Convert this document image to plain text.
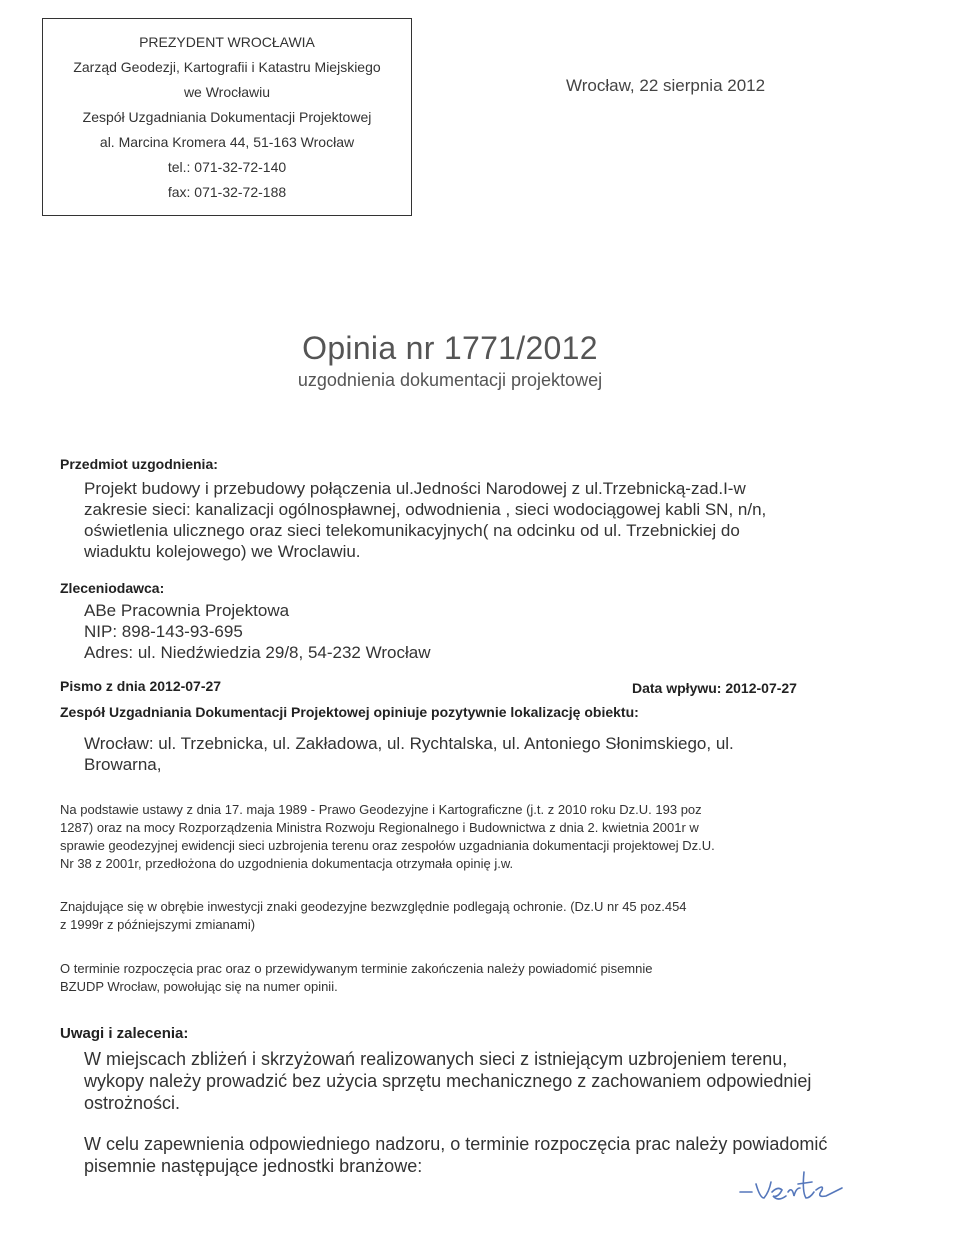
PREZYDENT WROCŁAWIA
Zarząd Geodezji, Kartografii i Katastru Miejskiego
we Wrocławiu
Zespół Uzgadniania Dokumentacji Projektowej
al. Marcina Kromera 44, 51-163 Wrocław
tel.: 071-32-72-140
fax: 071-32-72-188
Wrocław, 22 sierpnia 2012
Opinia nr 1771/2012
uzgodnienia dokumentacji projektowej
Przedmiot uzgodnienia:
Projekt budowy i przebudowy połączenia ul.Jedności Narodowej z ul.Trzebnicką-zad.I-w
zakresie sieci: kanalizacji ogólnospławnej, odwodnienia , sieci wodociągowej kabli SN, n/n,
oświetlenia ulicznego oraz sieci telekomunikacyjnych( na odcinku od ul. Trzebnickiej do
wiaduktu kolejowego) we Wroclawiu.
Zleceniodawca:
ABe Pracownia Projektowa
NIP: 898-143-93-695
Adres: ul. Niedźwiedzia 29/8, 54-232 Wrocław
Pismo z dnia 2012-07-27	Data wpływu: 2012-07-27
Zespół Uzgadniania Dokumentacji Projektowej opiniuje pozytywnie lokalizację obiektu:
Wrocław: ul. Trzebnicka, ul. Zakładowa, ul. Rychtalska, ul. Antoniego Słonimskiego, ul.
Browarna,
Na podstawie ustawy z dnia 17. maja 1989 - Prawo Geodezyjne i Kartograficzne (j.t. z 2010 roku Dz.U. 193 poz
1287) oraz na mocy Rozporządzenia Ministra Rozwoju Regionalnego i Budownictwa z dnia 2. kwietnia 2001r w
sprawie geodezyjnej ewidencji sieci uzbrojenia terenu oraz zespołów uzgadniania dokumentacji projektowej Dz.U.
Nr 38 z 2001r, przedłożona do uzgodnienia dokumentacja otrzymała opinię j.w.
Znajdujące się w obrębie inwestycji znaki geodezyjne bezwzględnie podlegają ochronie. (Dz.U nr 45 poz.454
z 1999r z późniejszymi zmianami)
O terminie rozpoczęcia prac oraz o przewidywanym terminie zakończenia należy powiadomić pisemnie
BZUDP Wrocław, powołując się na numer opinii.
Uwagi i zalecenia:
W miejscach zbliżeń i skrzyżowań realizowanych sieci z istniejącym uzbrojeniem terenu,
wykopy należy prowadzić bez użycia sprzętu mechanicznego z zachowaniem odpowiedniej
ostrożności.
W celu zapewnienia odpowiedniego nadzoru, o terminie rozpoczęcia prac należy powiadomić
pisemnie następujące jednostki branżowe:
